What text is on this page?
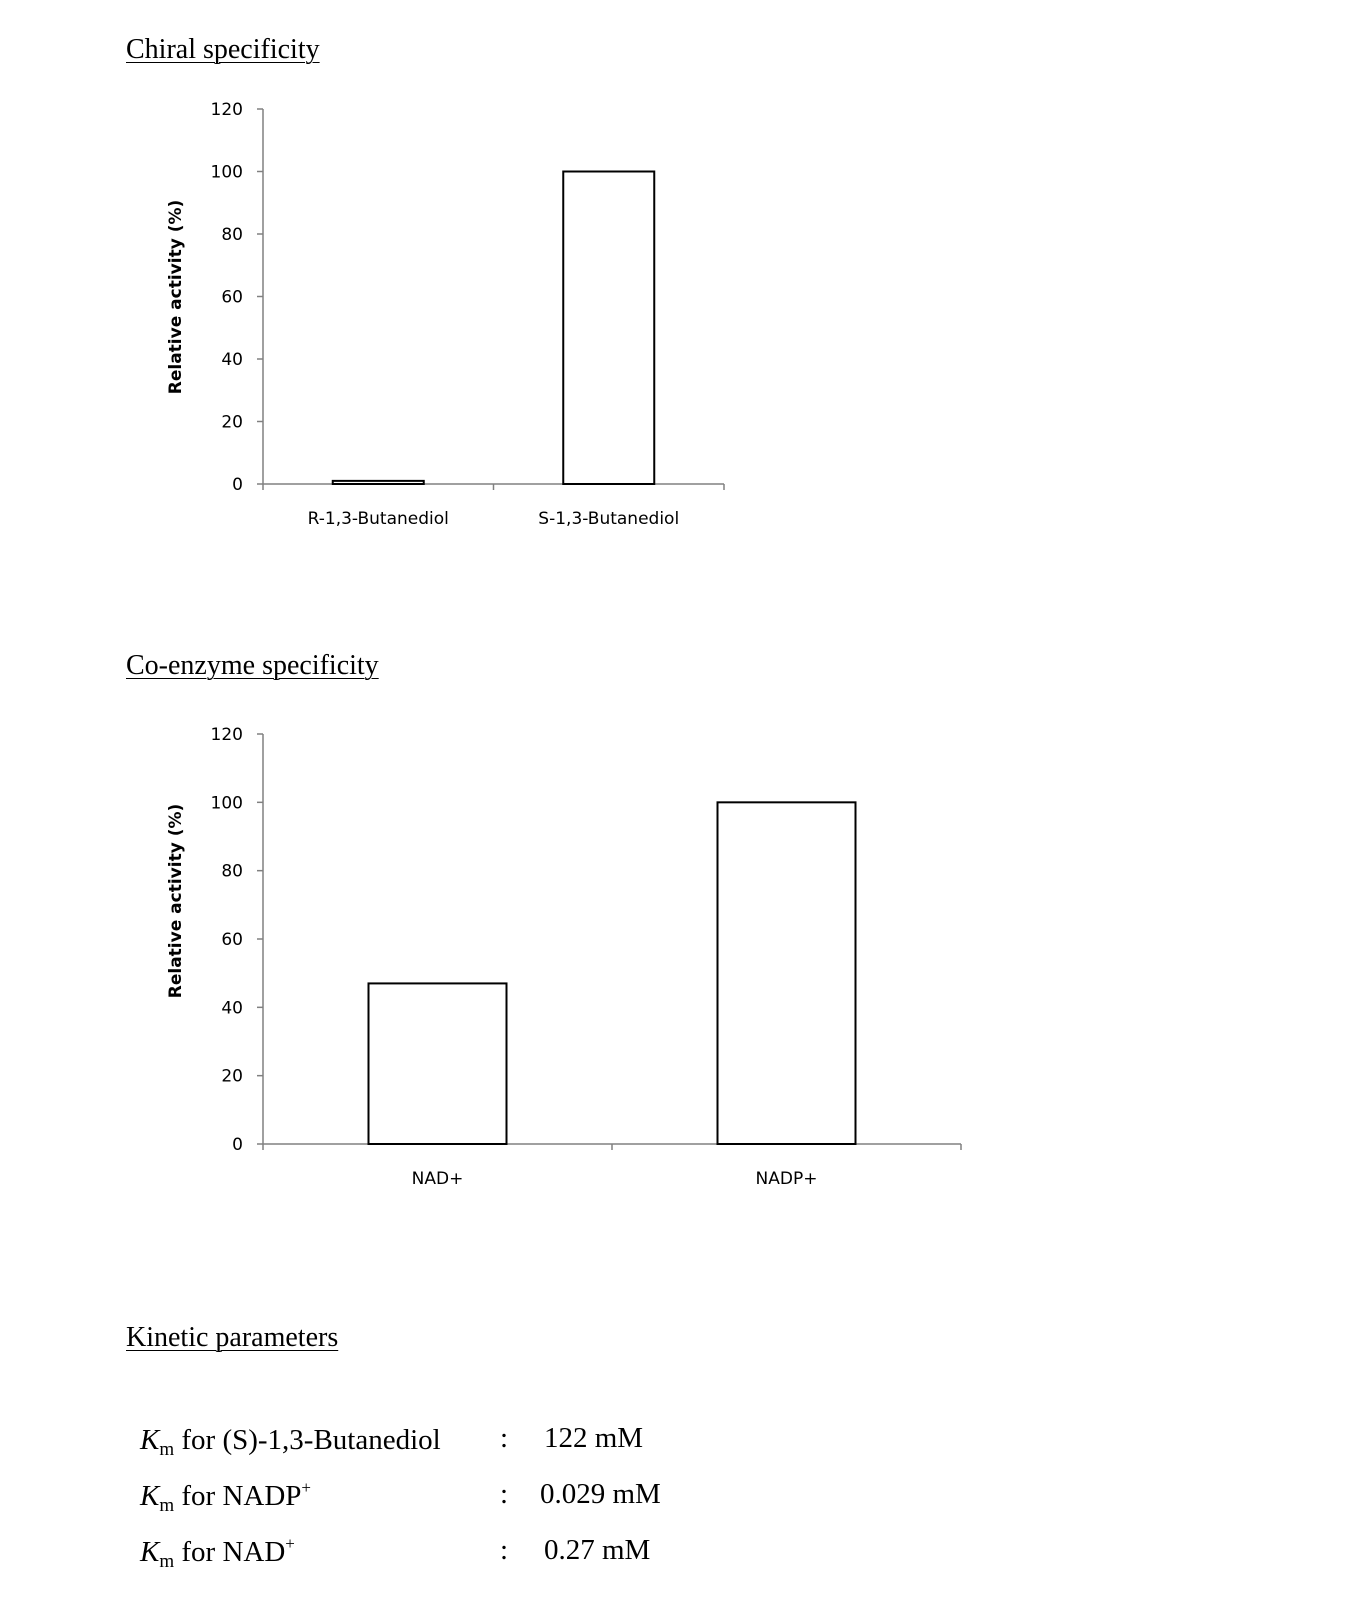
Chiral specificity
0
20
40
60
80
100
120
R-1,3-Butanediol	S-1,3-Butanediol
Relative activity (%)
Co-enzyme specificity
0
20
40
60
80
100
120
NAD+	NADP+
Relative activity (%)
Kinetic parameters
$K_m$ for (S)-1,3-Butanediol : 122 mM
$K_m$ for NADP+	: 0.029 mM
$K_m$ for NAD+	: 0.27 mM
